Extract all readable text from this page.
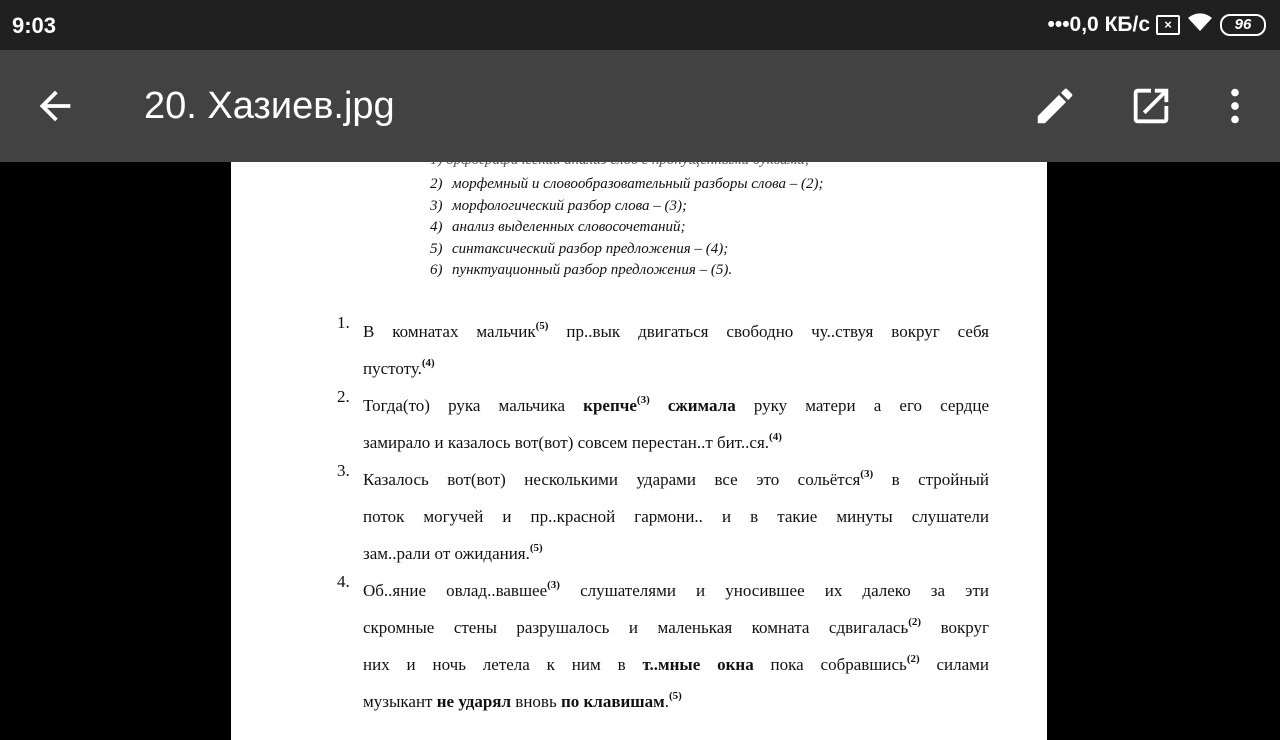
9:03	•••0,0 КБ/с	×	96
20. Хазиев.jpg
2) морфемный и словообразовательный разборы слова – (2);
3) морфологический разбор слова – (3);
4) анализ выделенных словосочетаний;
5) синтаксический разбор предложения – (4);
6) пунктуационный разбор предложения – (5).
1. В комнатах мальчик$^{(5)}$ пр..вык двигаться свободно чу..ствуя вокруг себя
пустоту.$^{(4)}$
2. Тогда(то) рука мальчика крепче$^{(3)}$ сжимала руку матери а его сердце
замирало и казалось вот(вот) совсем перестан..т бит..ся.$^{(4)}$
3. Казалось вот(вот) несколькими ударами все это сольётся$^{(3)}$ в стройный
поток могучей и пр..красной гармони.. и в такие минуты слушатели
зам..рали от ожидания.$^{(5)}$
4. Об..яние овлад..вавшее$^{(3)}$ слушателями и уносившее их далеко за эти
скромные стены разрушалось и маленькая комната сдвигалась$^{(2)}$ вокруг
них и ночь летела к ним в т..мные окна пока собравшись$^{(2)}$ силами
музыкант не ударял вновь по клавишам.$^{(5)}$
